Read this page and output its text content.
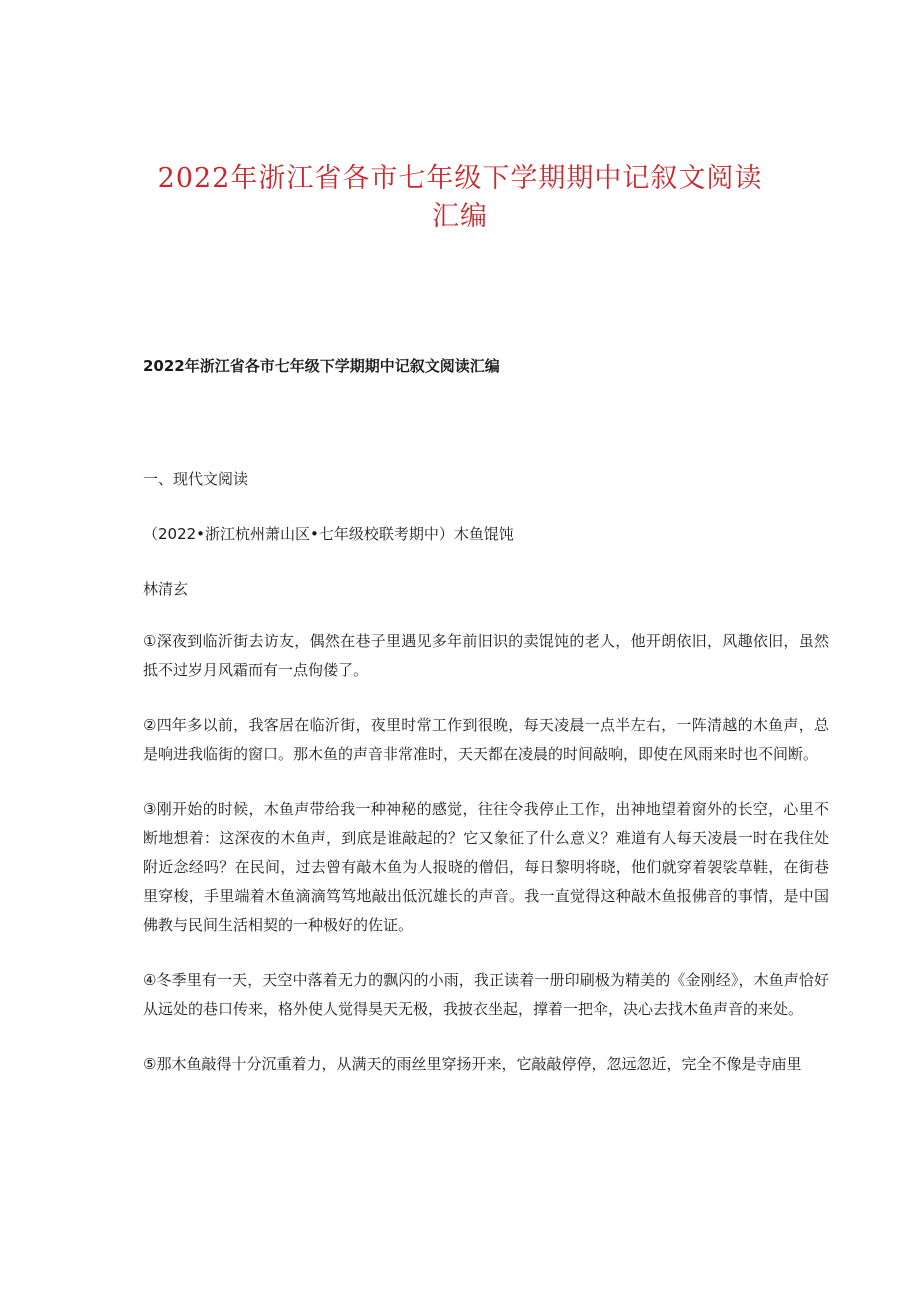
2022年浙江省各市七年级下学期期中记叙文阅读
汇编
2022年浙江省各市七年级下学期期中记叙文阅读汇编
一、现代文阅读
（2022•浙江杭州萧山区•七年级校联考期中）木鱼馄饨
林清玄

①深夜到临沂街去访友，偶然在巷子里遇见多年前旧识的卖馄饨的老人，他开朗依旧，风趣依旧，虽然抵不过岁月风霜而有一点佝偻了。

②四年多以前，我客居在临沂街，夜里时常工作到很晚，每天凌晨一点半左右，一阵清越的木鱼声，总是响进我临街的窗口。那木鱼的声音非常准时，天天都在凌晨的时间敲响，即使在风雨来时也不间断。

③刚开始的时候，木鱼声带给我一种神秘的感觉，往往令我停止工作，出神地望着窗外的长空，心里不断地想着：这深夜的木鱼声，到底是谁敲起的？它又象征了什么意义？难道有人每天凌晨一时在我住处附近念经吗？在民间，过去曾有敲木鱼为人报晓的僧侣，每日黎明将晓，他们就穿着袈裟草鞋，在街巷里穿梭，手里端着木鱼滴滴笃笃地敲出低沉雄长的声音。我一直觉得这种敲木鱼报佛音的事情，是中国佛教与民间生活相契的一种极好的佐证。

④冬季里有一天，天空中落着无力的飘闪的小雨，我正读着一册印刷极为精美的《金刚经》，木鱼声恰好从远处的巷口传来，格外使人觉得昊天无极，我披衣坐起，撑着一把伞，决心去找木鱼声音的来处。

⑤那木鱼敲得十分沉重着力，从满天的雨丝里穿扬开来，它敲敲停停，忽远忽近，完全不像是寺庙里
